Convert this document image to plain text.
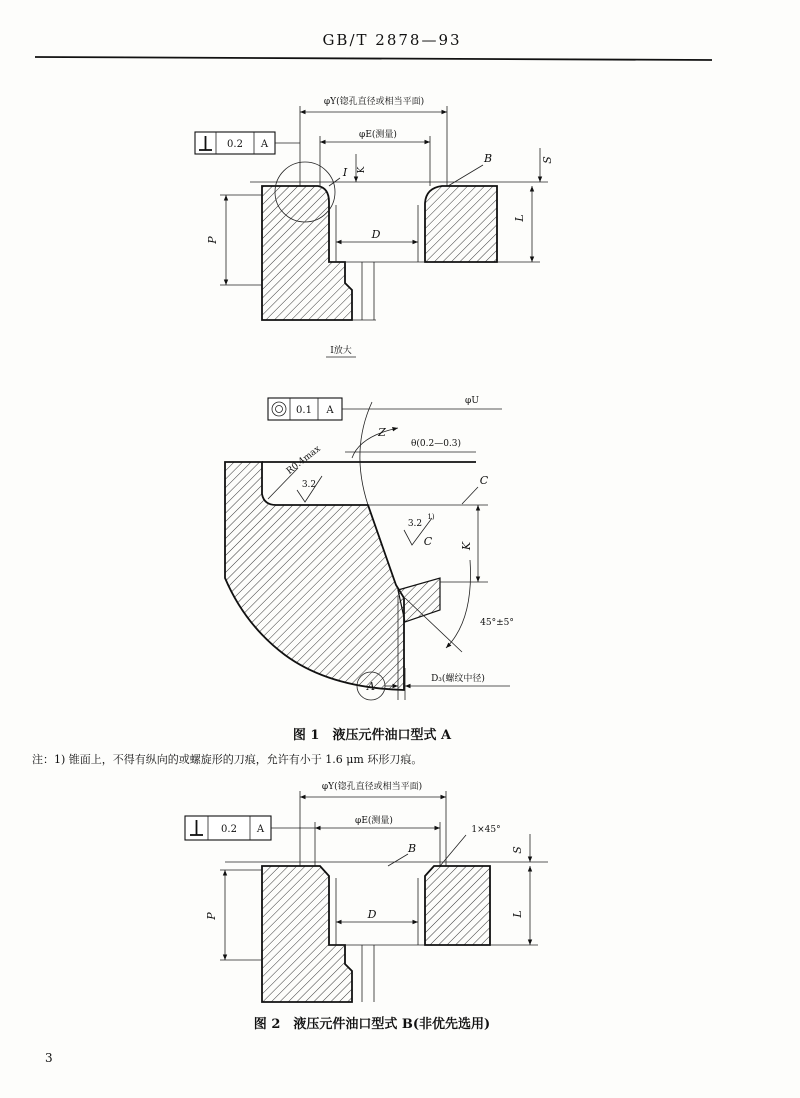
GB/T 2878—93
φY(锪孔直径或相当平面)
φE(测量)
0.2 A
D
P
L
S
K
B
I
I放大
0.1 A
φU
Z
θ(0.2—0.3)
R0.4max
3.2
3.2
1)
C
C
K
45°±5°
A
D₃(螺纹中径)
图 1　液压元件油口型式 A
注：1) 锥面上，不得有纵向的或螺旋形的刀痕，允许有小于 1.6 μm 环形刀痕。
φY(锪孔直径或相当平面)
φE(测量)
0.2 A	1×45°
B
D
P	L
S
图 2　液压元件油口型式 B(非优先选用)
3
